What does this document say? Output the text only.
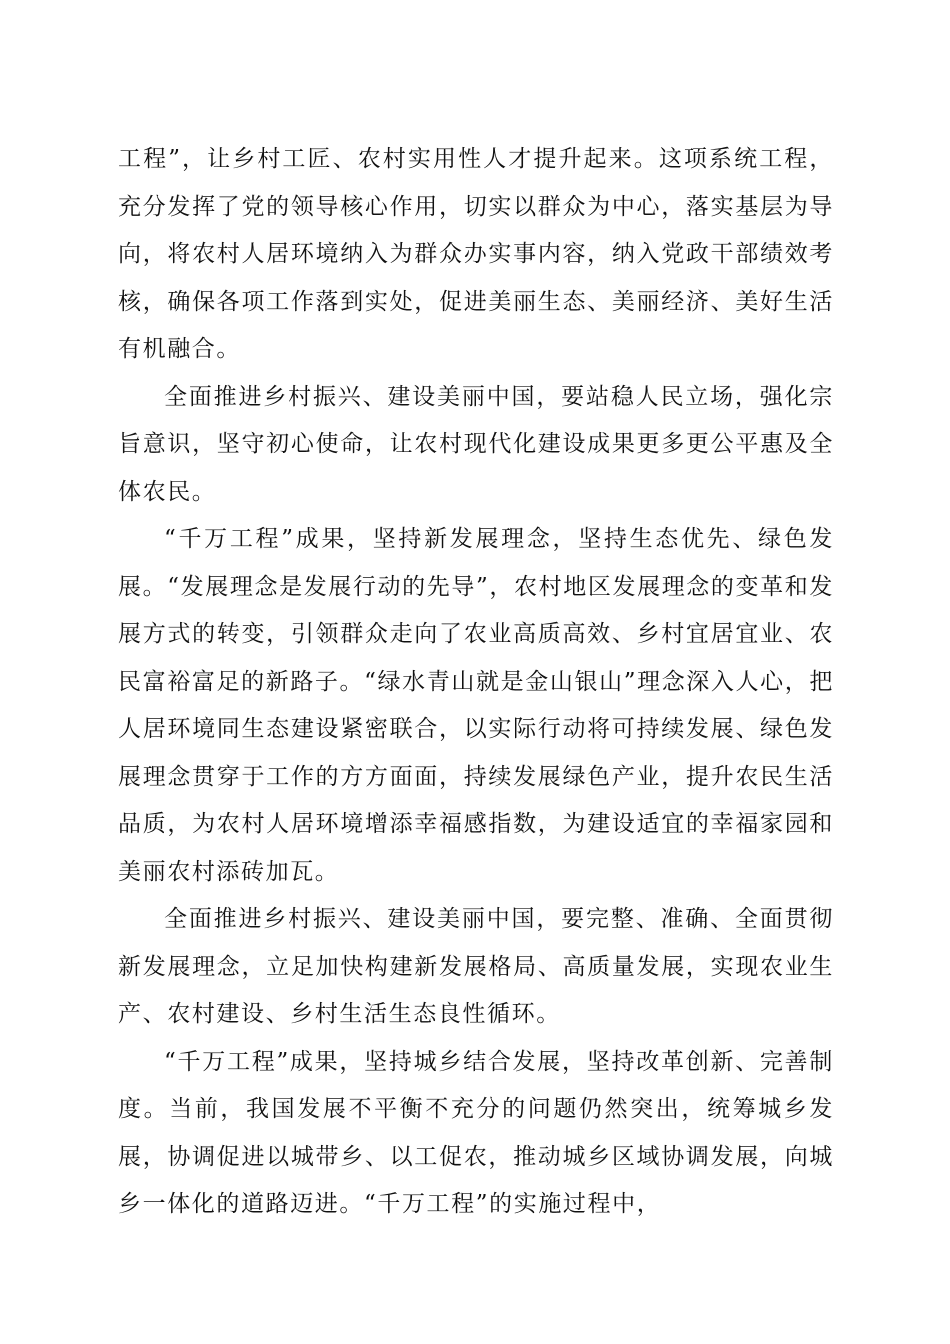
工程”，让乡村工匠、农村实用性人才提升起来。这项系统工程，充分发挥了党的领导核心作用，切实以群众为中心，落实基层为导向，将农村人居环境纳入为群众办实事内容，纳入党政干部绩效考核，确保各项工作落到实处，促进美丽生态、美丽经济、美好生活有机融合。

全面推进乡村振兴、建设美丽中国，要站稳人民立场，强化宗旨意识，坚守初心使命，让农村现代化建设成果更多更公平惠及全体农民。

“千万工程”成果，坚持新发展理念，坚持生态优先、绿色发展。“发展理念是发展行动的先导”，农村地区发展理念的变革和发展方式的转变，引领群众走向了农业高质高效、乡村宜居宜业、农民富裕富足的新路子。“绿水青山就是金山银山”理念深入人心，把人居环境同生态建设紧密联合，以实际行动将可持续发展、绿色发展理念贯穿于工作的方方面面，持续发展绿色产业，提升农民生活品质，为农村人居环境增添幸福感指数，为建设适宜的幸福家园和美丽农村添砖加瓦。

全面推进乡村振兴、建设美丽中国，要完整、准确、全面贯彻新发展理念，立足加快构建新发展格局、高质量发展，实现农业生产、农村建设、乡村生活生态良性循环。

“千万工程”成果，坚持城乡结合发展，坚持改革创新、完善制度。当前，我国发展不平衡不充分的问题仍然突出，统筹城乡发展，协调促进以城带乡、以工促农，推动城乡区域协调发展，向城乡一体化的道路迈进。“千万工程”的实施过程中，
